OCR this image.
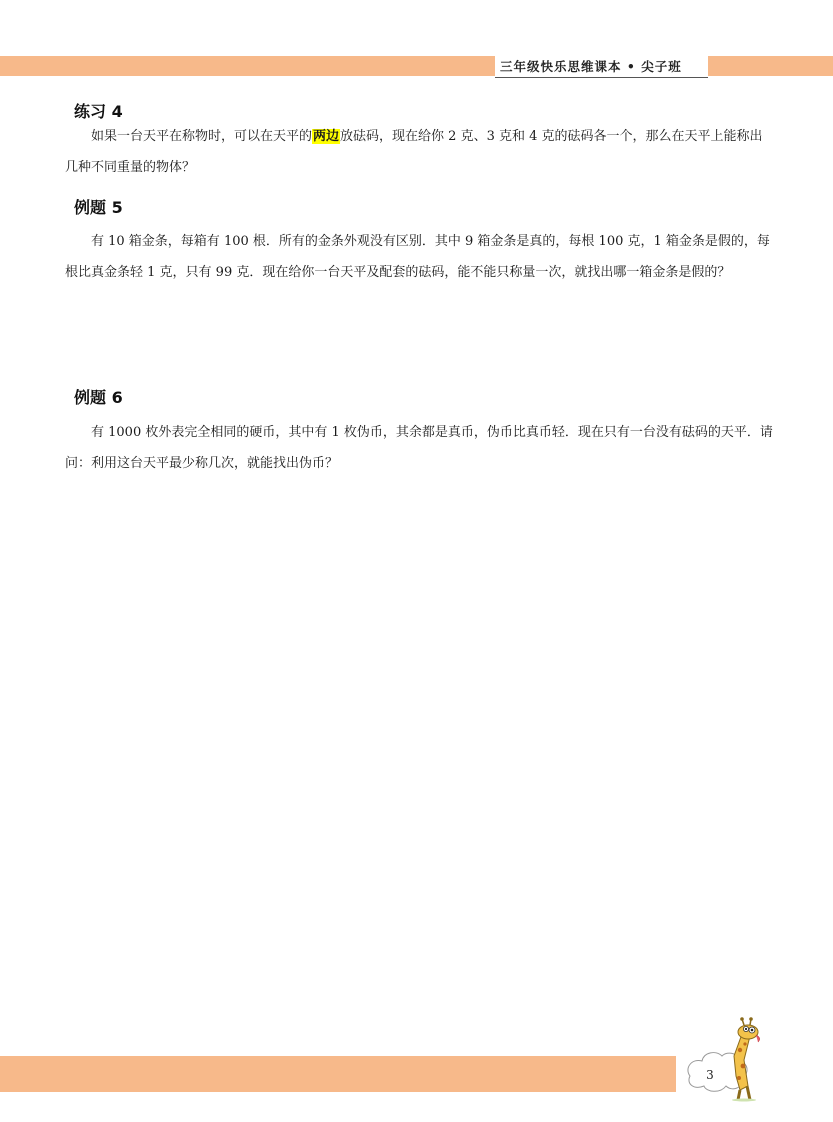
三年级快乐思维课本 • 尖子班
练习 4
如果一台天平在称物时，可以在天平的两边放砝码，现在给你 2 克、3 克和 4 克的砝码各一个，那么在天平上能称出几种不同重量的物体？
例题 5
有 10 箱金条，每箱有 100 根．所有的金条外观没有区别．其中 9 箱金条是真的，每根 100 克，1 箱金条是假的，每根比真金条轻 1 克，只有 99 克．现在给你一台天平及配套的砝码，能不能只称量一次，就找出哪一箱金条是假的？
例题 6
有 1000 枚外表完全相同的硬币，其中有 1 枚伪币，其余都是真币，伪币比真币轻．现在只有一台没有砝码的天平．请问：利用这台天平最少称几次，就能找出伪币？
3
